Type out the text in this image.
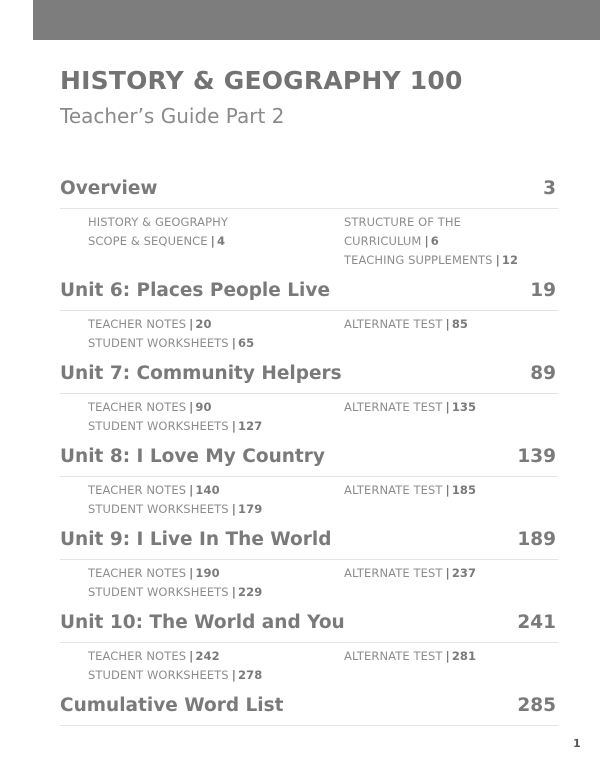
HISTORY & GEOGRAPHY 100
Teacher’s Guide Part 2
Overview	3
HISTORY & GEOGRAPHY
SCOPE & SEQUENCE | 4
STRUCTURE OF THE
CURRICULUM | 6
TEACHING SUPPLEMENTS | 12
Unit 6: Places People Live	19
TEACHER NOTES | 20
STUDENT WORKSHEETS | 65
ALTERNATE TEST | 85
Unit 7: Community Helpers	89
TEACHER NOTES | 90
STUDENT WORKSHEETS | 127
ALTERNATE TEST | 135
Unit 8: I Love My Country	139
TEACHER NOTES | 140
STUDENT WORKSHEETS | 179
ALTERNATE TEST | 185
Unit 9: I Live In The World	189
TEACHER NOTES | 190
STUDENT WORKSHEETS | 229
ALTERNATE TEST | 237
Unit 10: The World and You	241
TEACHER NOTES | 242
STUDENT WORKSHEETS | 278
ALTERNATE TEST | 281
Cumulative Word List	285
1
